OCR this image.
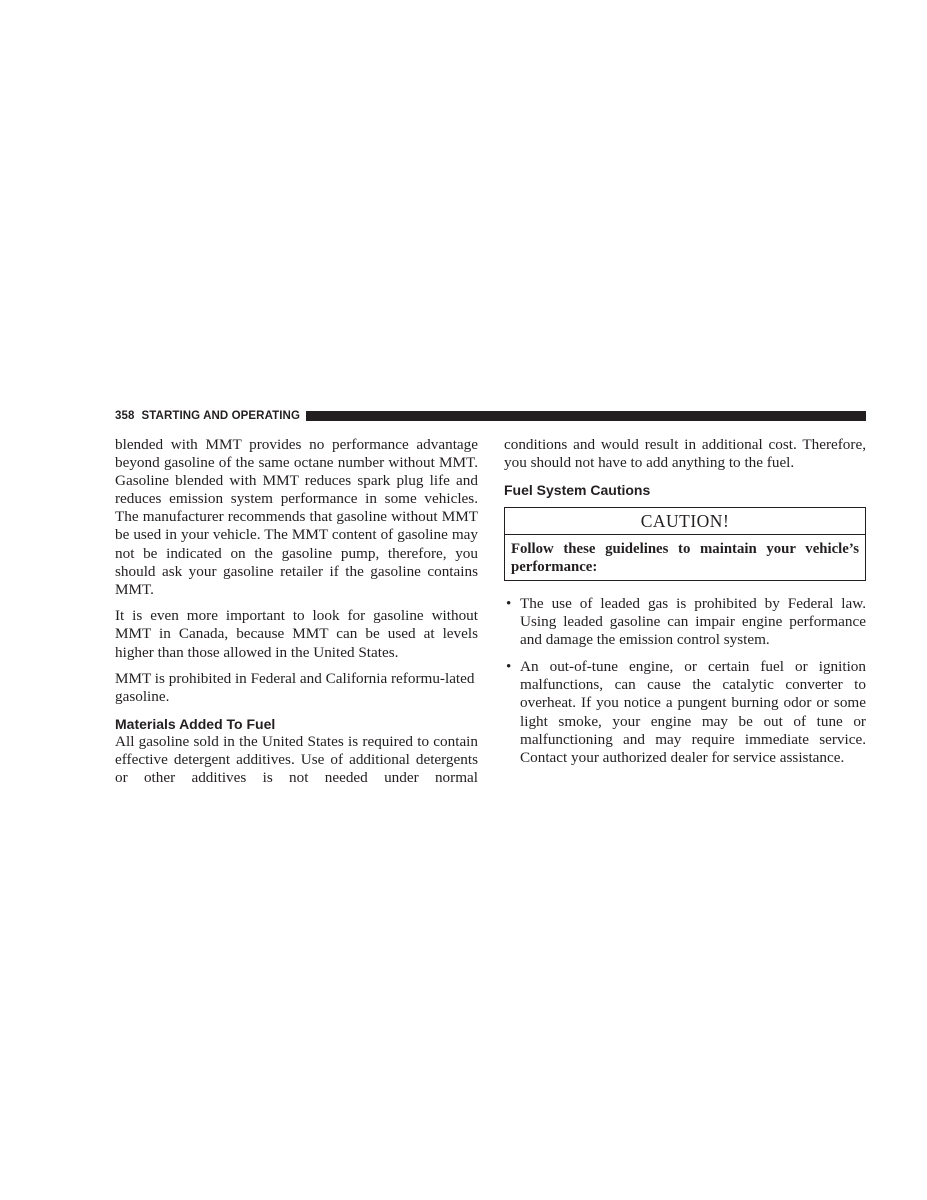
358 STARTING AND OPERATING

blended with MMT provides no performance advantage beyond gasoline of the same octane number without MMT. Gasoline blended with MMT reduces spark plug life and reduces emission system performance in some vehicles. The manufacturer recommends that gasoline without MMT be used in your vehicle. The MMT content of gasoline may not be indicated on the gasoline pump, therefore, you should ask your gasoline retailer if the gasoline contains MMT.

It is even more important to look for gasoline without MMT in Canada, because MMT can be used at levels higher than those allowed in the United States.

MMT is prohibited in Federal and California reformu-lated gasoline.

Materials Added To Fuel

All gasoline sold in the United States is required to contain effective detergent additives. Use of additional detergents or other additives is not needed under normal

conditions and would result in additional cost. Therefore, you should not have to add anything to the fuel.

Fuel System Cautions
CAUTION!
Follow these guidelines to maintain your vehicle’s performance:
• The use of leaded gas is prohibited by Federal law. Using leaded gasoline can impair engine performance and damage the emission control system.
• An out-of-tune engine, or certain fuel or ignition malfunctions, can cause the catalytic converter to overheat. If you notice a pungent burning odor or some light smoke, your engine may be out of tune or malfunctioning and may require immediate service. Contact your authorized dealer for service assistance.
